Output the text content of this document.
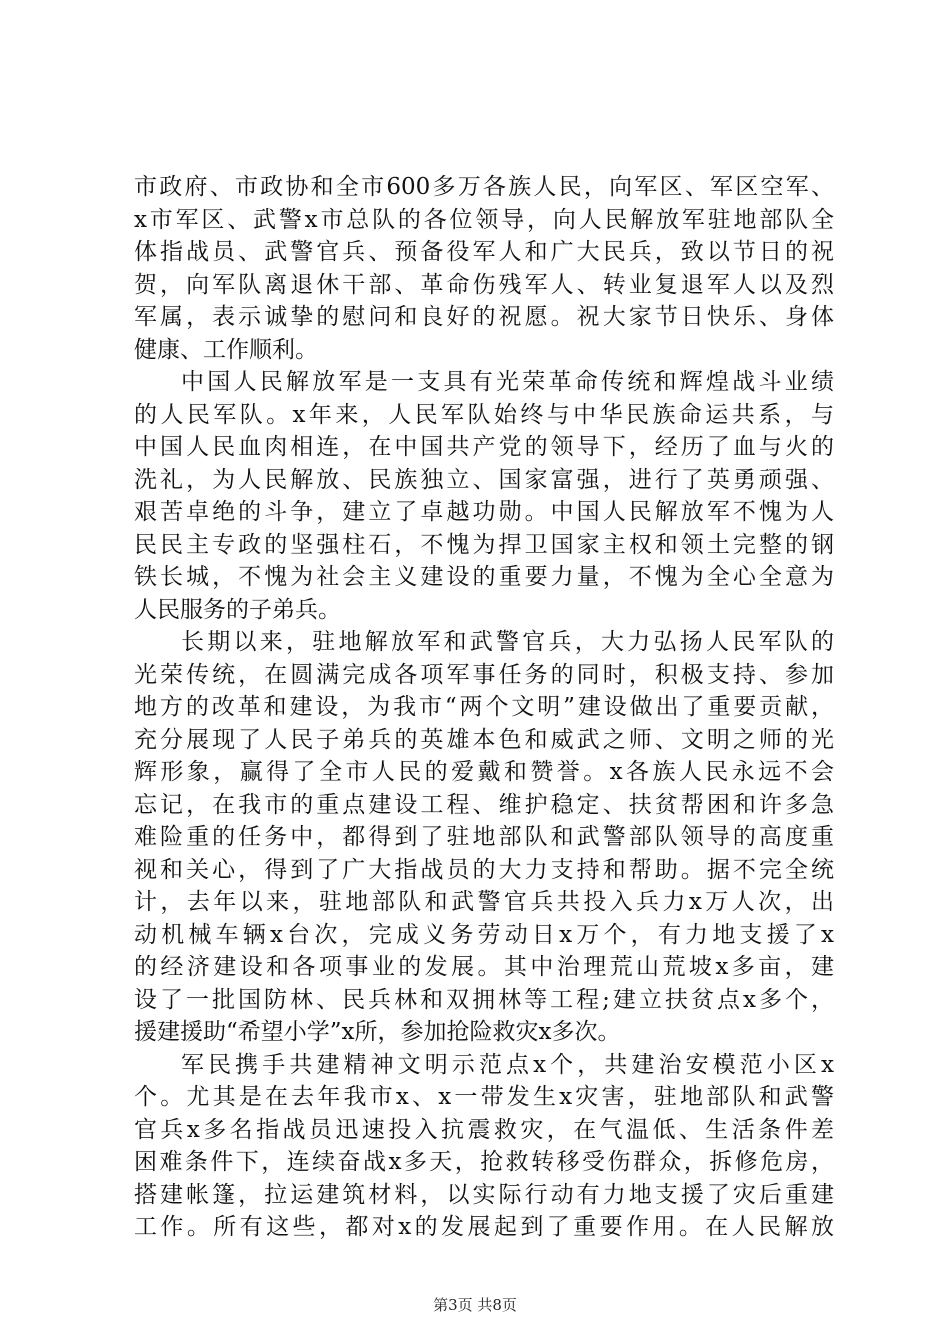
市政府、市政协和全市600多万各族人民，向军区、军区空军、
x市军区、武警x市总队的各位领导，向人民解放军驻地部队全
体指战员、武警官兵、预备役军人和广大民兵，致以节日的祝
贺，向军队离退休干部、革命伤残军人、转业复退军人以及烈
军属，表示诚挚的慰问和良好的祝愿。祝大家节日快乐、身体
健康、工作顺利。
中国人民解放军是一支具有光荣革命传统和辉煌战斗业绩
的人民军队。x年来，人民军队始终与中华民族命运共系，与
中国人民血肉相连，在中国共产党的领导下，经历了血与火的
洗礼，为人民解放、民族独立、国家富强，进行了英勇顽强、
艰苦卓绝的斗争，建立了卓越功勋。中国人民解放军不愧为人
民民主专政的坚强柱石，不愧为捍卫国家主权和领土完整的钢
铁长城，不愧为社会主义建设的重要力量，不愧为全心全意为
人民服务的子弟兵。
长期以来，驻地解放军和武警官兵，大力弘扬人民军队的
光荣传统，在圆满完成各项军事任务的同时，积极支持、参加
地方的改革和建设，为我市“两个文明”建设做出了重要贡献，
充分展现了人民子弟兵的英雄本色和威武之师、文明之师的光
辉形象，赢得了全市人民的爱戴和赞誉。x各族人民永远不会
忘记，在我市的重点建设工程、维护稳定、扶贫帮困和许多急
难险重的任务中，都得到了驻地部队和武警部队领导的高度重
视和关心，得到了广大指战员的大力支持和帮助。据不完全统
计，去年以来，驻地部队和武警官兵共投入兵力x万人次，出
动机械车辆x台次，完成义务劳动日x万个，有力地支援了x
的经济建设和各项事业的发展。其中治理荒山荒坡x多亩，建
设了一批国防林、民兵林和双拥林等工程;建立扶贫点x多个，
援建援助“希望小学”x所，参加抢险救灾x多次。
军民携手共建精神文明示范点x个，共建治安模范小区x
个。尤其是在去年我市x、x一带发生x灾害，驻地部队和武警
官兵x多名指战员迅速投入抗震救灾，在气温低、生活条件差
困难条件下，连续奋战x多天，抢救转移受伤群众，拆修危房，
搭建帐篷，拉运建筑材料，以实际行动有力地支援了灾后重建
工作。所有这些，都对x的发展起到了重要作用。在人民解放
第3页 共8页
